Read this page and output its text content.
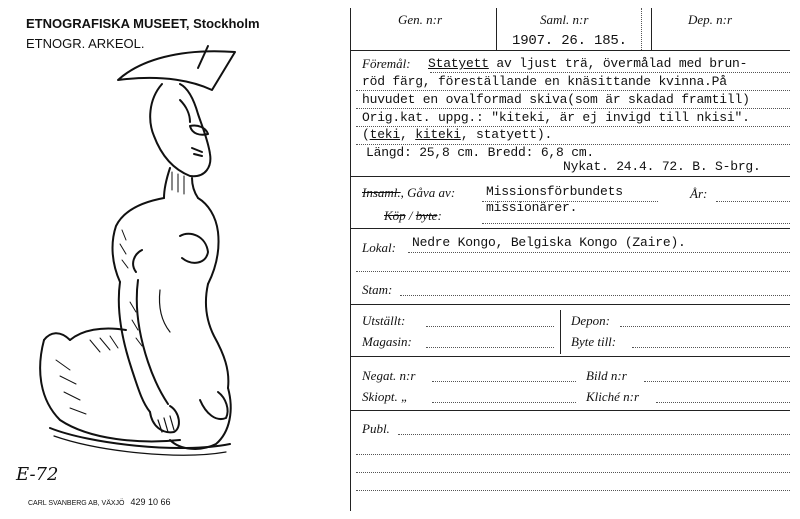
ETNOGRAFISKA MUSEET, Stockholm
ETNOGR. ARKEOL.
E-72
CARL SVANBERG AB, VÄXJÖ 429 10 66
Gen. n:r	Saml. n:r
1907. 26. 185.
Dep. n:r
Föremål: Statyett av ljust trä, övermålad med brun-
röd färg, föreställande en knäsittande kvinna.På
huvudet en ovalformad skiva(som är skadad framtill)
Orig.kat. uppg.: "kiteki, är ej invigd till nkisi".
(teki, kiteki, statyett).
Längd: 25,8 cm. Bredd: 6,8 cm.
Nykat. 24.4. 72. B. S-brg.
Insaml., Gåva av:
Köp / byte:
Missionsförbundets
missionärer.
År:
Lokal: Nedre Kongo, Belgiska Kongo (Zaire).
Stam:
Utställt:	Depon:
Magasin:	Byte till:
Negat. n:r	Bild n:r
Skiopt. „	Kliché n:r
Publ.
